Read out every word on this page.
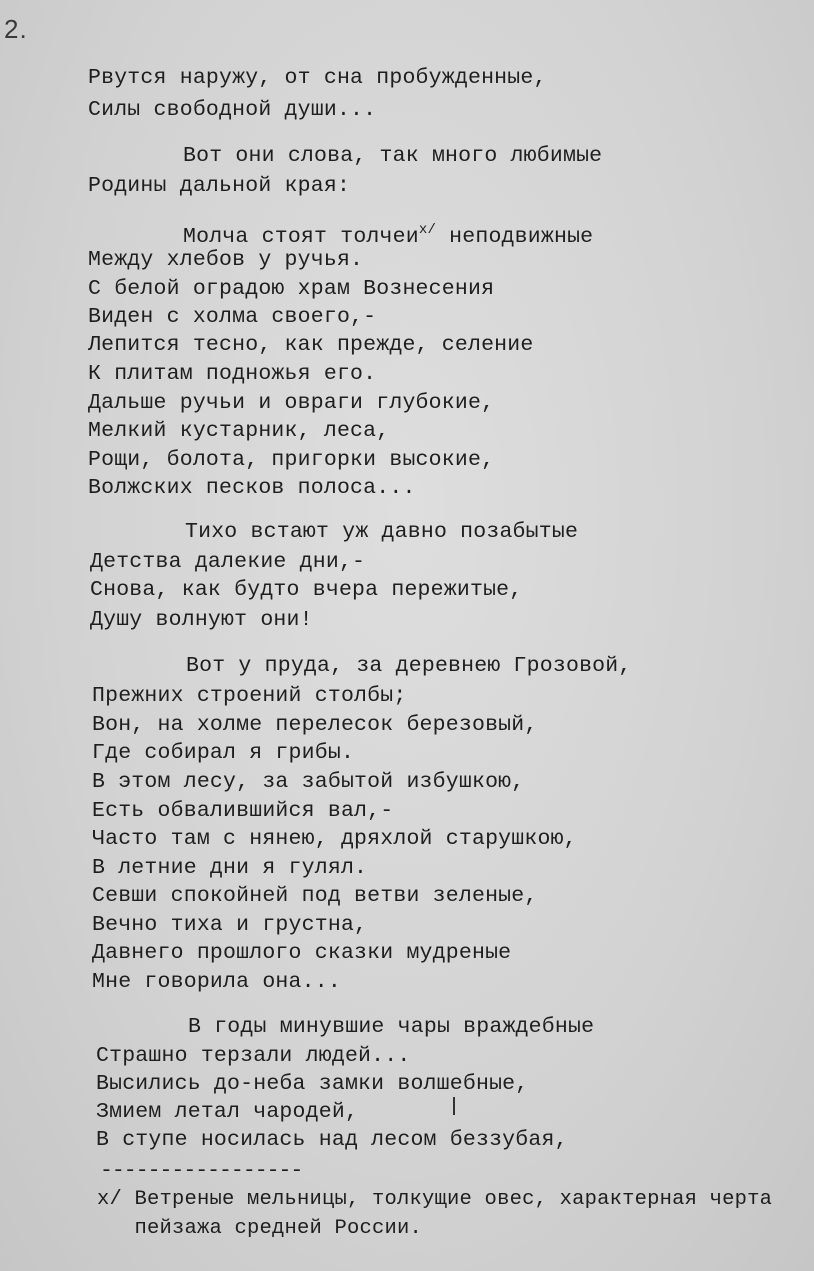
2.
Рвутся наружу, от сна пробужденные,
Силы свободной души...
Вот они слова, так много любимые
Родины дальной края:
Молча стоят толчеи$^{x/}$ неподвижные
Между хлебов у ручья.
С белой оградою храм Вознесения
Виден с холма своего,-
Лепится тесно, как прежде, селение
К плитам подножья его.
Дальше ручьи и овраги глубокие,
Мелкий кустарник, леса,
Рощи, болота, пригорки высокие,
Волжских песков полоса...
Тихо встают уж давно позабытые
Детства далекие дни,-
Снова, как будто вчера пережитые,
Душу волнуют они!
Вот у пруда, за деревнею Грозовой,
Прежних строений столбы;
Вон, на холме перелесок березовый,
Где собирал я грибы.
В этом лесу, за забытой избушкою,
Есть обвалившийся вал,-
Часто там с нянею, дряхлой старушкою,
В летние дни я гулял.
Севши спокойней под ветви зеленые,
Вечно тиха и грустна,
Давнего прошлого сказки мудреные
Мне говорила она...
В годы минувшие чары враждебные
Страшно терзали людей...
Высились до-неба замки волшебные,
Змием летал чародей,
В ступе носилась над лесом беззубая,
-----------------
x/ Ветреные мельницы, толкущие овес, характерная черта
пейзажа средней России.
